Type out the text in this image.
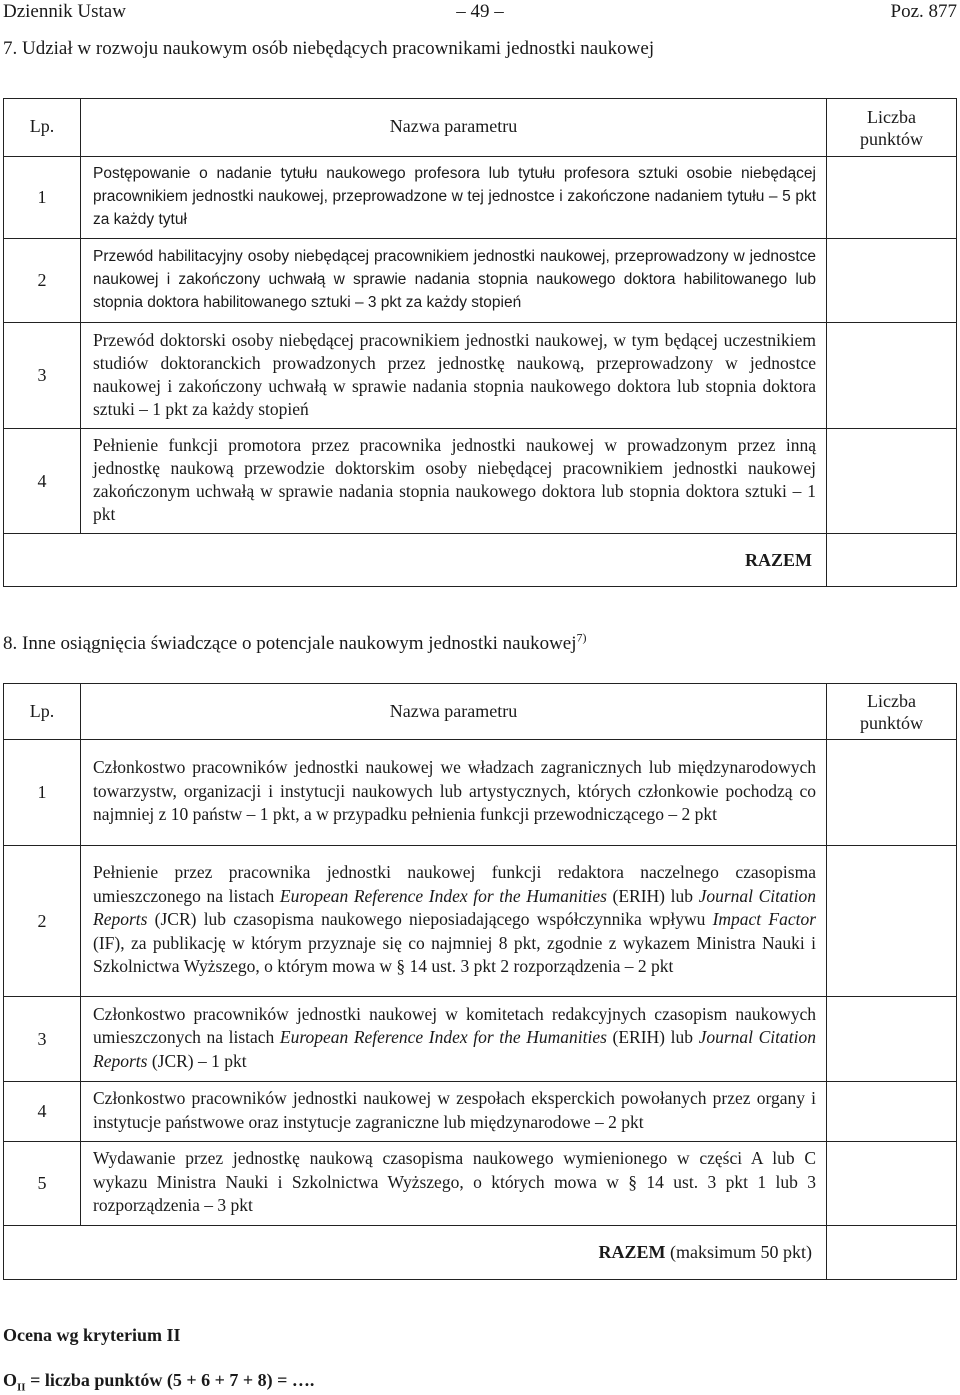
Dziennik Ustaw	– 49 –	Poz. 877
7. Udział w rozwoju naukowym osób niebędących pracownikami jednostki naukowej
Lp.	Nazwa parametru	Liczba
punktów

1	Postępowanie o nadanie tytułu naukowego profesora lub tytułu profesora sztuki osobie niebędącej pracownikiem jednostki naukowej, przeprowadzone w tej jednostce i zakończone nadaniem tytułu – 5 pkt za każdy tytuł	
2	Przewód habilitacyjny osoby niebędącej pracownikiem jednostki naukowej, przeprowadzony w jednostce naukowej i zakończony uchwałą w sprawie nadania stopnia naukowego doktora habilitowanego lub stopnia doktora habilitowanego sztuki – 3 pkt za każdy stopień	
3	Przewód doktorski osoby niebędącej pracownikiem jednostki naukowej, w tym będącej uczestnikiem studiów doktoranckich prowadzonych przez jednostkę naukową, przeprowadzony w jednostce naukowej i zakończony uchwałą w sprawie nadania stopnia naukowego doktora lub stopnia doktora sztuki – 1 pkt za każdy stopień	
4	Pełnienie funkcji promotora przez pracownika jednostki naukowej w prowadzonym przez inną jednostkę naukową przewodzie doktorskim osoby niebędącej pracownikiem jednostki naukowej zakończonym uchwałą w sprawie nadania stopnia naukowego doktora lub stopnia doktora sztuki – 1 pkt	
RAZEM		
8. Inne osiągnięcia świadczące o potencjale naukowym jednostki naukowej$^{7)}$
Lp.	Nazwa parametru	Liczba
punktów

1	Członkostwo pracowników jednostki naukowej we władzach zagranicznych lub międzynarodowych towarzystw, organizacji i instytucji naukowych lub artystycznych, których członkowie pochodzą co najmniej z 10 państw – 1 pkt, a w przypadku pełnienia funkcji przewodniczącego – 2 pkt	
2	Pełnienie przez pracownika jednostki naukowej funkcji redaktora naczelnego czasopisma umieszczonego na listach European Reference Index for the Humanities (ERIH) lub Journal Citation Reports (JCR) lub czasopisma naukowego nieposiadającego współczynnika wpływu Impact Factor (IF), za publikację w którym przyznaje się co najmniej 8 pkt, zgodnie z wykazem Ministra Nauki i Szkolnictwa Wyższego, o którym mowa w § 14 ust. 3 pkt 2 rozporządzenia – 2 pkt	
3	Członkostwo pracowników jednostki naukowej w komitetach redakcyjnych czasopism naukowych umieszczonych na listach European Reference Index for the Humanities (ERIH) lub Journal Citation Reports (JCR) – 1 pkt	
4	Członkostwo pracowników jednostki naukowej w zespołach eksperckich powołanych przez organy i instytucje państwowe oraz instytucje zagraniczne lub międzynarodowe – 2 pkt	
5	Wydawanie przez jednostkę naukową czasopisma naukowego wymienionego w części A lub C wykazu Ministra Nauki i Szkolnictwa Wyższego, o których mowa w § 14 ust. 3 pkt 1 lub 3 rozporządzenia – 3 pkt	
RAZEM (maksimum 50 pkt)		
Ocena wg kryterium II
$O_{II}$ = liczba punktów (5 + 6 + 7 + 8) = ….
